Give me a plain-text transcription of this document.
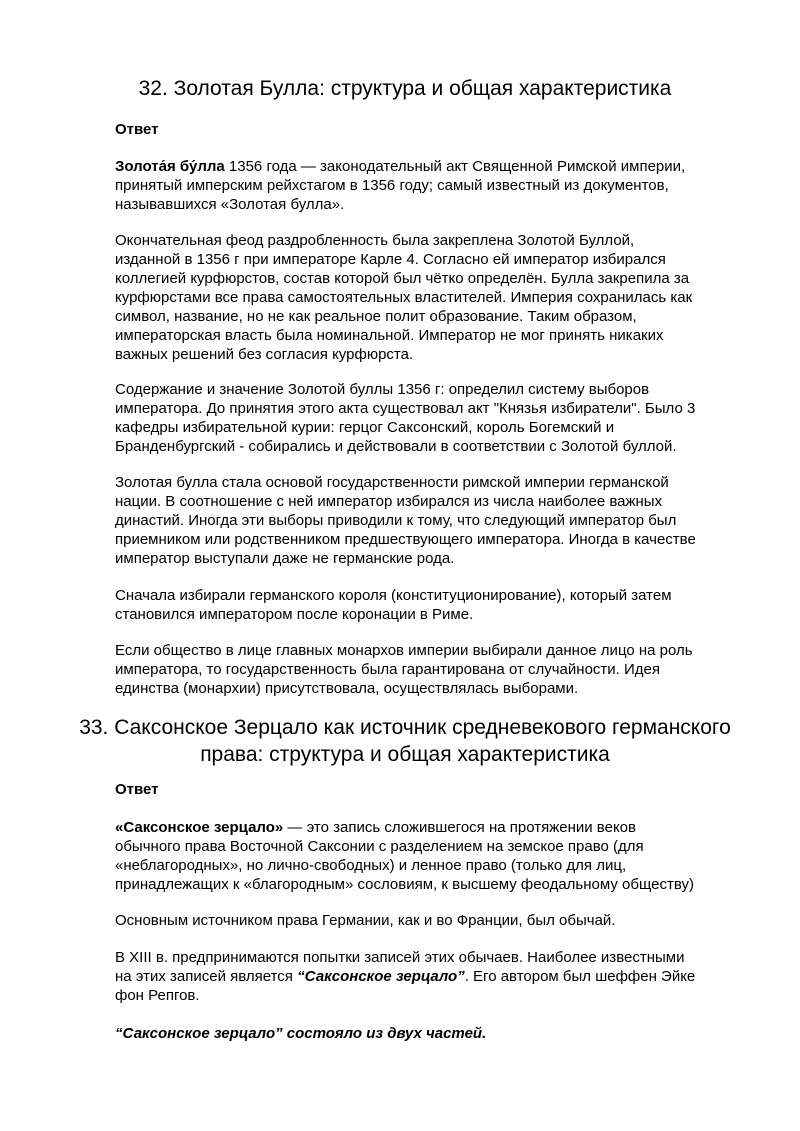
32. Золотая Булла: структура и общая характеристика

Ответ

Золота́я бу́лла 1356 года — законодательный акт Священной Римской империи,
принятый имперским рейхстагом в 1356 году; самый известный из документов,
называвшихся «Золотая булла».

Окончательная феод раздробленность была закреплена Золотой Буллой,
изданной в 1356 г при императоре Карле 4. Согласно ей император избирался
коллегией курфюрстов, состав которой был чётко определён. Булла закрепила за
курфюрстами все права самостоятельных властителей. Империя сохранилась как
символ, название, но не как реальное полит образование. Таким образом,
императорская власть была номинальной. Император не мог принять никаких
важных решений без согласия курфюрста.

Содержание и значение Золотой буллы 1356 г: определил систему выборов
императора. До принятия этого акта существовал акт "Князья избиратели". Было 3
кафедры избирательной курии: герцог Саксонский, король Богемский и
Бранденбургский - собирались и действовали в соответствии с Золотой буллой.

Золотая булла стала основой государственности римской империи германской
нации. В соотношение с ней император избирался из числа наиболее важных
династий. Иногда эти выборы приводили к тому, что следующий император был
приемником или родственником предшествующего императора. Иногда в качестве
император выступали даже не германские рода.

Сначала избирали германского короля (конституционирование), который затем
становился императором после коронации в Риме.

Если общество в лице главных монархов империи выбирали данное лицо на роль
императора, то государственность была гарантирована от случайности. Идея
единства (монархии) присутствовала, осуществлялась выборами.

33. Саксонское Зерцало как источник средневекового германского
права: структура и общая характеристика

Ответ

«Саксонское зерцало» — это запись сложившегося на протяжении веков
обычного права Восточной Саксонии с разделением на земское право (для
«неблагородных», но лично-свободных) и ленное право (только для лиц,
принадлежащих к «благородным» сословиям, к высшему феодальному обществу)

Основным источником права Германии, как и во Франции, был обычай.

В XIII в. предпринимаются попытки записей этих обычаев. Наиболее известными
на этих записей является “Саксонское зерцало”. Его автором был шеффен Эйке
фон Репгов.

“Саксонское зерцало” состояло из двух частей.
